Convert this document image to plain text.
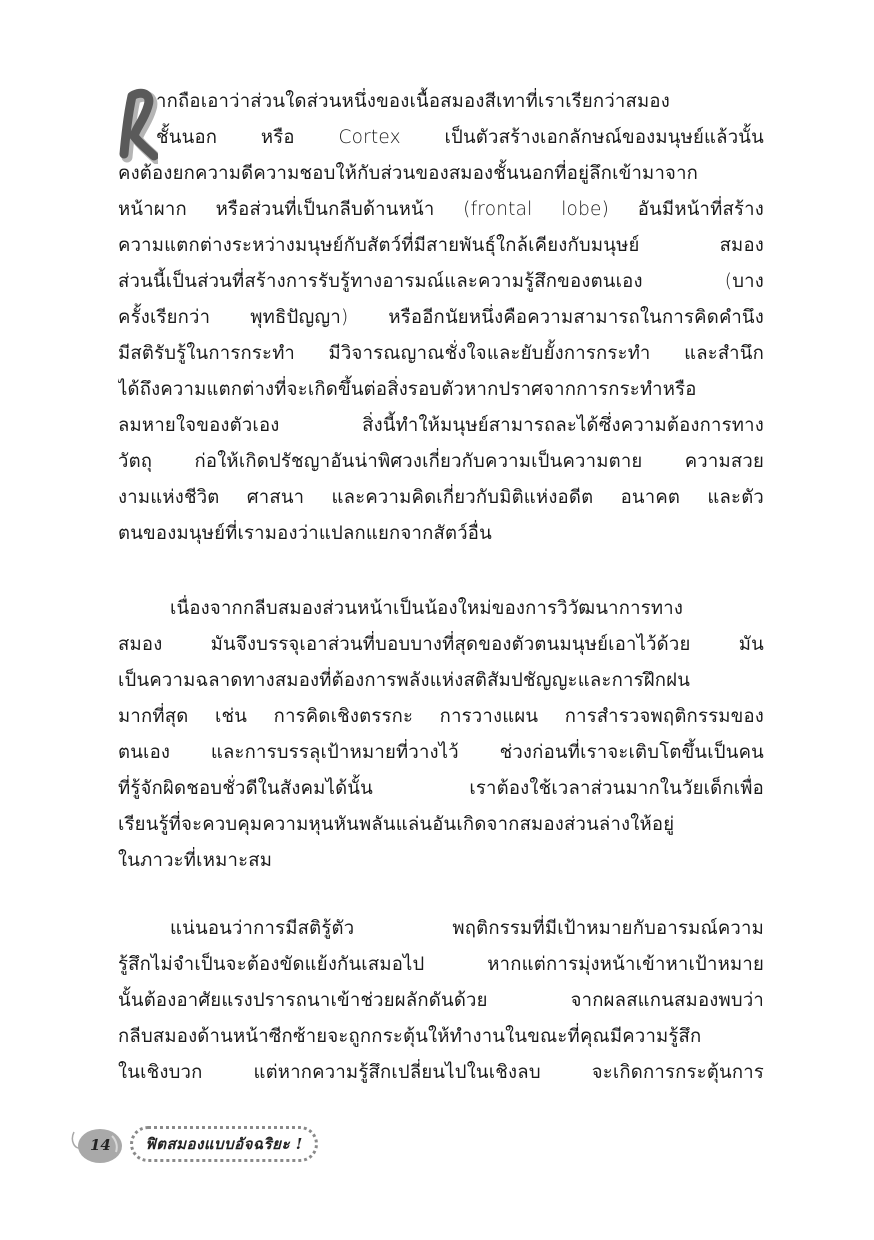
ากถือเอาว่าส่วนใดส่วนหนึ่งของเนื้อสมองสีเทาที่เราเรียกว่าสมอง
ชั้นนอก หรือ Cortex เป็นตัวสร้างเอกลักษณ์ของมนุษย์แล้วนั้น
คงต้องยกความดีความชอบให้กับส่วนของสมองชั้นนอกที่อยู่ลึกเข้ามาจาก
หน้าผาก หรือส่วนที่เป็นกลีบด้านหน้า (frontal lobe) อันมีหน้าที่สร้าง
ความแตกต่างระหว่างมนุษย์กับสัตว์ที่มีสายพันธุ์ใกล้เคียงกับมนุษย์ สมอง
ส่วนนี้เป็นส่วนที่สร้างการรับรู้ทางอารมณ์และความรู้สึกของตนเอง (บาง
ครั้งเรียกว่า พุทธิปัญญา) หรืออีกนัยหนึ่งคือความสามารถในการคิดคำนึง
มีสติรับรู้ในการกระทำ มีวิจารณญาณชั่งใจและยับยั้งการกระทำ และสำนึก
ได้ถึงความแตกต่างที่จะเกิดขึ้นต่อสิ่งรอบตัวหากปราศจากการกระทำหรือ
ลมหายใจของตัวเอง สิ่งนี้ทำให้มนุษย์สามารถละได้ซึ่งความต้องการทาง
วัตถุ ก่อให้เกิดปรัชญาอันน่าพิศวงเกี่ยวกับความเป็นความตาย ความสวย
งามแห่งชีวิต ศาสนา และความคิดเกี่ยวกับมิติแห่งอดีต อนาคต และตัว
ตนของมนุษย์ที่เรามองว่าแปลกแยกจากสัตว์อื่น
เนื่องจากกลีบสมองส่วนหน้าเป็นน้องใหม่ของการวิวัฒนาการทาง
สมอง มันจึงบรรจุเอาส่วนที่บอบบางที่สุดของตัวตนมนุษย์เอาไว้ด้วย มัน
เป็นความฉลาดทางสมองที่ต้องการพลังแห่งสติสัมปชัญญะและการฝึกฝน
มากที่สุด เช่น การคิดเชิงตรรกะ การวางแผน การสำรวจพฤติกรรมของ
ตนเอง และการบรรลุเป้าหมายที่วางไว้ ช่วงก่อนที่เราจะเติบโตขึ้นเป็นคน
ที่รู้จักผิดชอบชั่วดีในสังคมได้นั้น เราต้องใช้เวลาส่วนมากในวัยเด็กเพื่อ
เรียนรู้ที่จะควบคุมความหุนหันพลันแล่นอันเกิดจากสมองส่วนล่างให้อยู่
ในภาวะที่เหมาะสม
แน่นอนว่าการมีสติรู้ตัว พฤติกรรมที่มีเป้าหมายกับอารมณ์ความ
รู้สึกไม่จำเป็นจะต้องขัดแย้งกันเสมอไป หากแต่การมุ่งหน้าเข้าหาเป้าหมาย
นั้นต้องอาศัยแรงปรารถนาเข้าช่วยผลักดันด้วย จากผลสแกนสมองพบว่า
กลีบสมองด้านหน้าซีกซ้ายจะถูกกระตุ้นให้ทำงานในขณะที่คุณมีความรู้สึก
ในเชิงบวก แต่หากความรู้สึกเปลี่ยนไปในเชิงลบ จะเกิดการกระตุ้นการ
14 ฟิตสมองแบบอัจฉริยะ !
